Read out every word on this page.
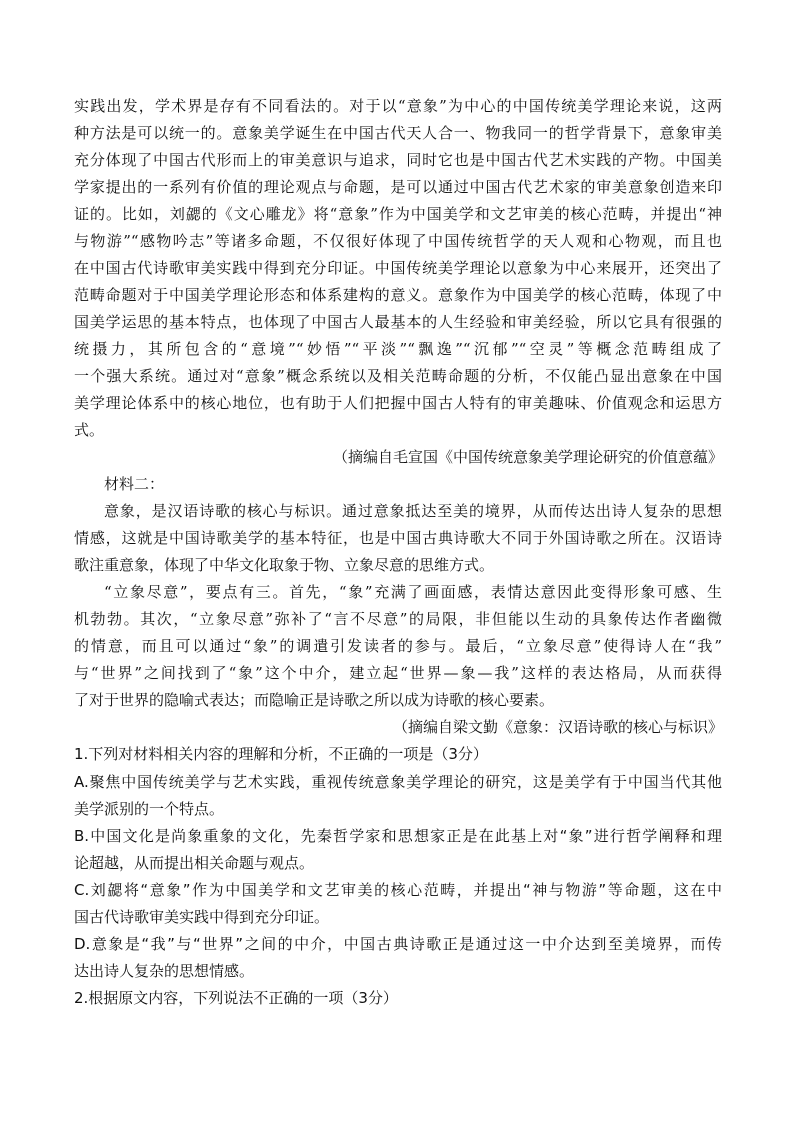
实践出发，学术界是存有不同看法的。对于以“意象”为中心的中国传统美学理论来说，这两
种方法是可以统一的。意象美学诞生在中国古代天人合一、物我同一的哲学背景下，意象审美
充分体现了中国古代形而上的审美意识与追求，同时它也是中国古代艺术实践的产物。中国美
学家提出的一系列有价值的理论观点与命题，是可以通过中国古代艺术家的审美意象创造来印
证的。比如，刘勰的《文心雕龙》将“意象”作为中国美学和文艺审美的核心范畴，并提出“神
与物游”“感物吟志”等诸多命题，不仅很好体现了中国传统哲学的天人观和心物观，而且也
在中国古代诗歌审美实践中得到充分印证。中国传统美学理论以意象为中心来展开，还突出了
范畴命题对于中国美学理论形态和体系建构的意义。意象作为中国美学的核心范畴，体现了中
国美学运思的基本特点，也体现了中国古人最基本的人生经验和审美经验，所以它具有很强的
统摄力，其所包含的“意境”“妙悟”“平淡”“飘逸”“沉郁”“空灵”等概念范畴组成了
一个强大系统。通过对“意象”概念系统以及相关范畴命题的分析，不仅能凸显出意象在中国
美学理论体系中的核心地位，也有助于人们把握中国古人特有的审美趣味、价值观念和运思方
式。
（摘编自毛宣国《中国传统意象美学理论研究的价值意蕴》
材料二：
意象，是汉语诗歌的核心与标识。通过意象抵达至美的境界，从而传达出诗人复杂的思想
情感，这就是中国诗歌美学的基本特征，也是中国古典诗歌大不同于外国诗歌之所在。汉语诗
歌注重意象，体现了中华文化取象于物、立象尽意的思维方式。
“立象尽意”，要点有三。首先，“象”充满了画面感，表情达意因此变得形象可感、生
机勃勃。其次，“立象尽意”弥补了“言不尽意”的局限，非但能以生动的具象传达作者幽微
的情意，而且可以通过“象”的调遣引发读者的参与。最后，“立象尽意”使得诗人在“我”
与“世界”之间找到了“象”这个中介，建立起“世界—象—我”这样的表达格局，从而获得
了对于世界的隐喻式表达；而隐喻正是诗歌之所以成为诗歌的核心要素。
（摘编自梁文勤《意象：汉语诗歌的核心与标识》
1.下列对材料相关内容的理解和分析，不正确的一项是（3分）
A.聚焦中国传统美学与艺术实践，重视传统意象美学理论的研究，这是美学有于中国当代其他
美学派别的一个特点。
B.中国文化是尚象重象的文化，先秦哲学家和思想家正是在此基上对“象”进行哲学阐释和理
论超越，从而提出相关命题与观点。
C.刘勰将“意象”作为中国美学和文艺审美的核心范畴，并提出“神与物游”等命题，这在中
国古代诗歌审美实践中得到充分印证。
D.意象是“我”与“世界”之间的中介，中国古典诗歌正是通过这一中介达到至美境界，而传
达出诗人复杂的思想情感。
2.根据原文内容，下列说法不正确的一项（3分）
